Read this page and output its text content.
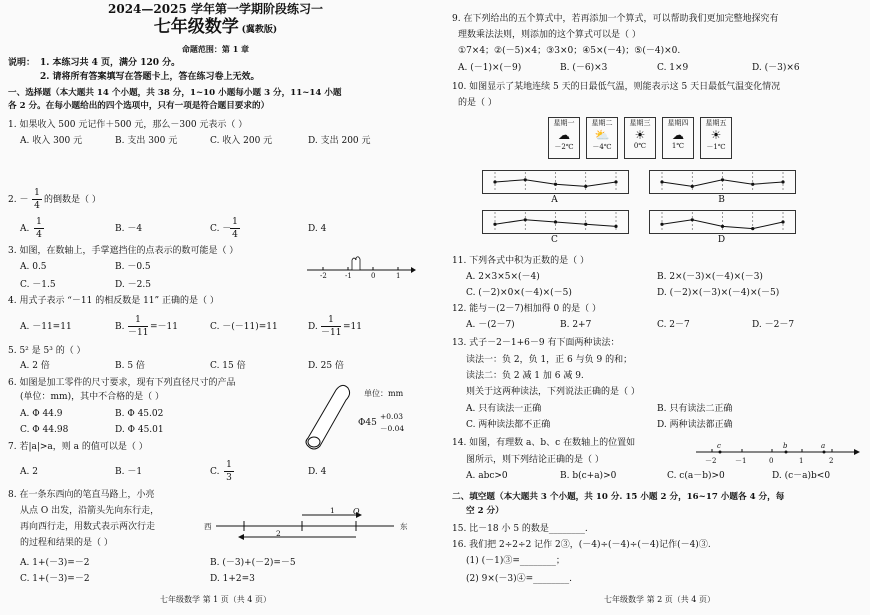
2024—2025 学年第一学期阶段练习一
七年级数学 (冀教版)
命题范围：第 1 章
说明： 1. 本练习共 4 页，满分 120 分。
2. 请将所有答案填写在答题卡上，答在练习卷上无效。
一、选择题（本大题共 14 个小题，共 38 分，1~10 小题每小题 3 分，11~14 小题
各 2 分。在每小题给出的四个选项中，只有一项是符合题目要求的）
1. 如果收入 500 元记作＋500 元，那么－300 元表示（ ）
A. 收入 300 元	B. 支出 300 元	C. 收入 200 元	D. 支出 200 元
2. －
1
4
的倒数是（ ）
A.
1
4
B. －4	C. －
1
4
D. 4
3. 如图，在数轴上，手掌遮挡住的点表示的数可能是（ ）
A. 0.5	B. －0.5
C. －1.5	D. －2.5
-2	-1	0	1
4. 用式子表示 “－11 的相反数是 11” 正确的是（ ）
A. －11=11	B.
1
－11
=－11	C. －(－11)=11	D.
1
－11
=11
5. 5² 是 5³ 的（ ）
A. 2 倍	B. 5 倍	C. 15 倍	D. 25 倍
6. 如图是加工零件的尺寸要求，现有下列直径尺寸的产品
(单位：mm)，其中不合格的是（ ）
A. Φ 44.9	B. Φ 45.02
C. Φ 44.98	D. Φ 45.01
单位：mm
Φ45
+0.03
－0.04
7. 若|a|>a，则 a 的值可以是（ ）
A. 2	B. －1	C.
1
3
D. 4
8. 在一条东西向的笔直马路上，小亮
从点 O 出发，沿箭头先向东行走，
再向西行走，用数式表示两次行走
的过程和结果的是（ ）
A. 1+(－3)=－2	B. (－3)+(－2)=－5
C. 1+(－3)=－2	D. 1+2=3
西	东
O
1
2
七年级数学 第 1 页（共 4 页）
9. 在下列给出的五个算式中，若再添加一个算式，可以帮助我们更加完整地探究有
理数乘法法则，则添加的这个算式可以是（ ）
①7×4；②(－5)×4；③3×0；④5×(－4)；⑤(－4)×0.
A. (－1)×(－9)	B. (－6)×3	C. 1×9	D. (－3)×6
10. 如图显示了某地连续 5 天的日最低气温，则能表示这 5 天日最低气温变化情况
的是（ ）
星期一
☁
－2℃
星期二
⛅
－4℃
星期三
☀
0℃
星期四
☁
1℃
星期五
☀
－1℃
A	B
C	D
11. 下列各式中积为正数的是（ ）
A. 2×3×5×(－4)	B. 2×(－3)×(－4)×(－3)
C. (－2)×0×(－4)×(－5)	D. (－2)×(－3)×(－4)×(－5)
12. 能与－(2－7)相加得 0 的是（ ）
A. －(2－7)	B. 2+7	C. 2－7	D. －2－7
13. 式子－2－1+6－9 有下面两种读法：
读法一：负 2，负 1，正 6 与负 9 的和；
读法二：负 2 减 1 加 6 减 9.
则关于这两种读法，下列说法正确的是（ ）
A. 只有读法一正确	B. 只有读法二正确
C. 两种读法都不正确	D. 两种读法都正确
14. 如图，有理数 a、b、c 在数轴上的位置如
图所示，则下列结论正确的是（ ）
A. abc>0	B. b(c+a)>0	C. c(a－b)>0	D. (c－a)b<0
c	b	a
－2	－1	0	1	2
二、填空题（本大题共 3 个小题，共 10 分. 15 小题 2 分，16~17 小题各 4 分，每
空 2 分）
15. 比－18 小 5 的数是________.
16. 我们把 2÷2÷2 记作 2③，(－4)÷(－4)÷(－4)记作(－4)③.
(1) (－1)③=________；
(2) 9×(－3)④=________.
七年级数学 第 2 页（共 4 页）
